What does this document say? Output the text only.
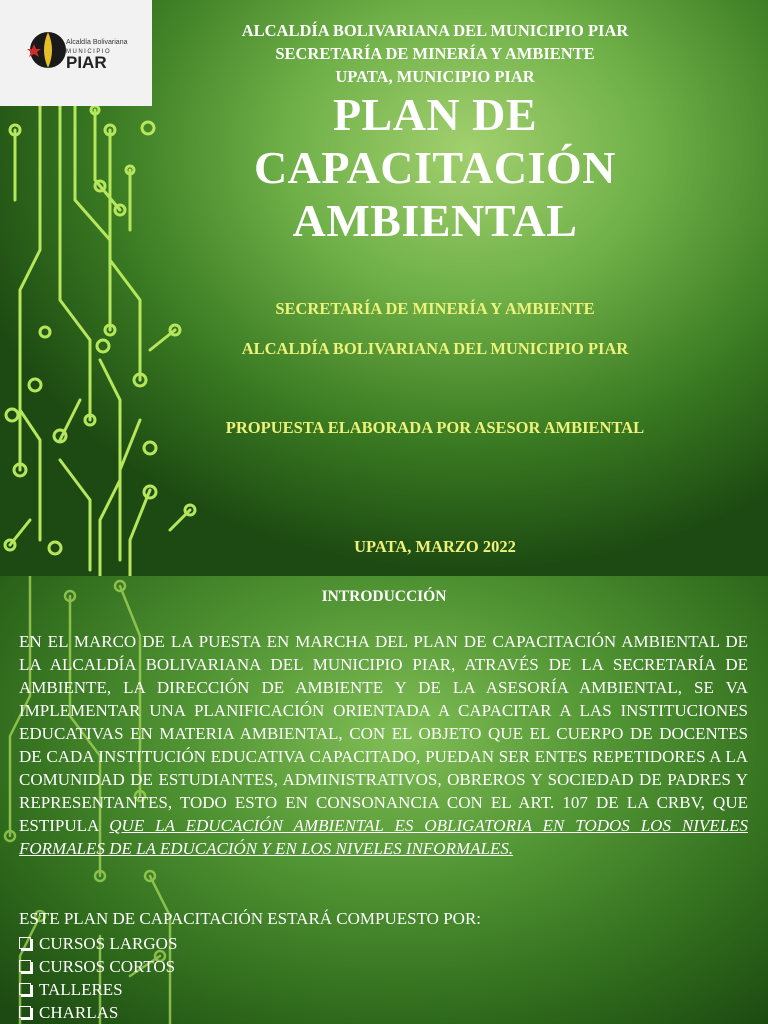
Alcaldía Bolivariana
MUNICIPIO
PIAR

ALCALDÍA BOLIVARIANA DEL MUNICIPIO PIAR

SECRETARÍA DE MINERÍA Y AMBIENTE

UPATA, MUNICIPIO PIAR

PLAN DE

CAPACITACIÓN

AMBIENTAL

SECRETARÍA DE MINERÍA Y AMBIENTE

ALCALDÍA BOLIVARIANA DEL MUNICIPIO PIAR

PROPUESTA ELABORADA POR ASESOR AMBIENTAL

UPATA, MARZO 2022

INTRODUCCIÓN

EN EL MARCO DE LA PUESTA EN MARCHA DEL PLAN DE CAPACITACIÓN AMBIENTAL DE LA ALCALDÍA BOLIVARIANA DEL MUNICIPIO PIAR, ATRAVÉS DE LA SECRETARÍA DE AMBIENTE, LA DIRECCIÓN DE AMBIENTE Y DE LA ASESORÍA AMBIENTAL, SE VA IMPLEMENTAR UNA PLANIFICACIÓN ORIENTADA A CAPACITAR A LAS INSTITUCIONES EDUCATIVAS EN MATERIA AMBIENTAL, CON EL OBJETO QUE EL CUERPO DE DOCENTES DE CADA INSTITUCIÓN EDUCATIVA CAPACITADO, PUEDAN SER ENTES REPETIDORES A LA COMUNIDAD DE ESTUDIANTES, ADMINISTRATIVOS, OBREROS Y SOCIEDAD DE PADRES Y REPRESENTANTES, TODO ESTO EN CONSONANCIA CON EL ART. 107 DE LA CRBV, QUE ESTIPULA QUE LA EDUCACIÓN AMBIENTAL ES OBLIGATORIA EN TODOS LOS NIVELES FORMALES DE LA EDUCACIÓN Y EN LOS NIVELES INFORMALES.

ESTE PLAN DE CAPACITACIÓN ESTARÁ COMPUESTO POR:
CURSOS LARGOS
CURSOS CORTOS
TALLERES
CHARLAS
